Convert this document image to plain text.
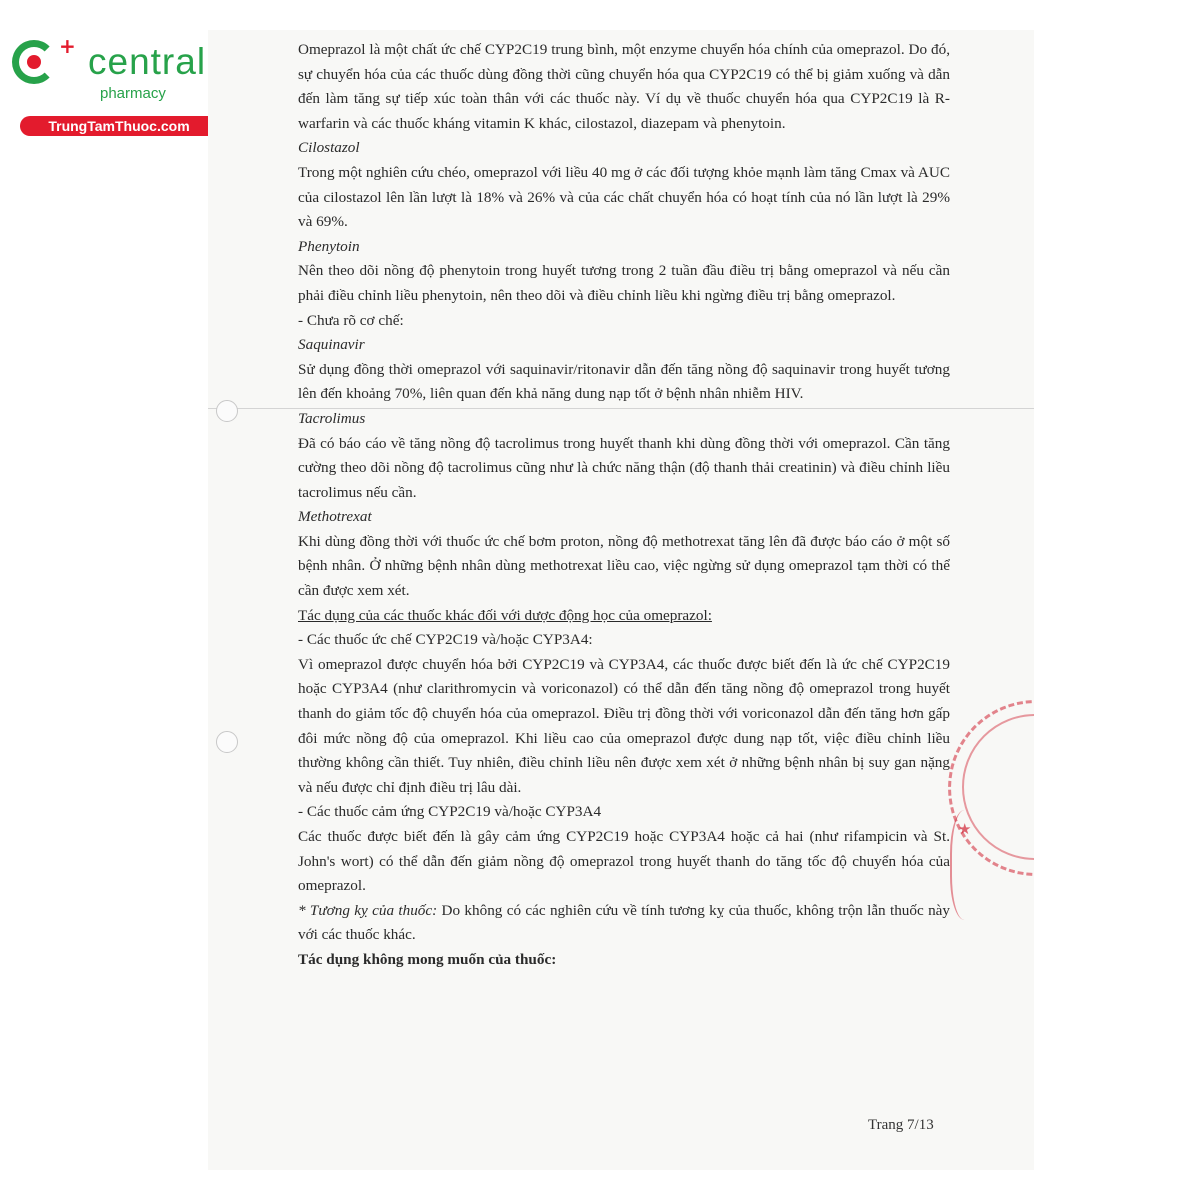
+ central
pharmacy
TrungTamThuoc.com
★

Omeprazol là một chất ức chế CYP2C19 trung bình, một enzyme chuyển hóa chính của omeprazol. Do đó, sự chuyển hóa của các thuốc dùng đồng thời cũng chuyển hóa qua CYP2C19 có thể bị giảm xuống và dẫn đến làm tăng sự tiếp xúc toàn thân với các thuốc này. Ví dụ về thuốc chuyển hóa qua CYP2C19 là R-warfarin và các thuốc kháng vitamin K khác, cilostazol, diazepam và phenytoin.

Cilostazol

Trong một nghiên cứu chéo, omeprazol với liều 40 mg ở các đối tượng khỏe mạnh làm tăng Cmax và AUC của cilostazol lên lần lượt là 18% và 26% và của các chất chuyển hóa có hoạt tính của nó lần lượt là 29% và 69%.

Phenytoin

Nên theo dõi nồng độ phenytoin trong huyết tương trong 2 tuần đầu điều trị bằng omeprazol và nếu cần phải điều chỉnh liều phenytoin, nên theo dõi và điều chỉnh liều khi ngừng điều trị bằng omeprazol.

- Chưa rõ cơ chế:

Saquinavir

Sử dụng đồng thời omeprazol với saquinavir/ritonavir dẫn đến tăng nồng độ saquinavir trong huyết tương lên đến khoảng 70%, liên quan đến khả năng dung nạp tốt ở bệnh nhân nhiễm HIV.

Tacrolimus

Đã có báo cáo về tăng nồng độ tacrolimus trong huyết thanh khi dùng đồng thời với omeprazol. Cần tăng cường theo dõi nồng độ tacrolimus cũng như là chức năng thận (độ thanh thải creatinin) và điều chỉnh liều tacrolimus nếu cần.

Methotrexat

Khi dùng đồng thời với thuốc ức chế bơm proton, nồng độ methotrexat tăng lên đã được báo cáo ở một số bệnh nhân. Ở những bệnh nhân dùng methotrexat liều cao, việc ngừng sử dụng omeprazol tạm thời có thể cần được xem xét.

Tác dụng của các thuốc khác đối với dược động học của omeprazol:

- Các thuốc ức chế CYP2C19 và/hoặc CYP3A4:

Vì omeprazol được chuyển hóa bởi CYP2C19 và CYP3A4, các thuốc được biết đến là ức chế CYP2C19 hoặc CYP3A4 (như clarithromycin và voriconazol) có thể dẫn đến tăng nồng độ omeprazol trong huyết thanh do giảm tốc độ chuyển hóa của omeprazol. Điều trị đồng thời với voriconazol dẫn đến tăng hơn gấp đôi mức nồng độ của omeprazol. Khi liều cao của omeprazol được dung nạp tốt, việc điều chỉnh liều thường không cần thiết. Tuy nhiên, điều chỉnh liều nên được xem xét ở những bệnh nhân bị suy gan nặng và nếu được chỉ định điều trị lâu dài.

- Các thuốc cảm ứng CYP2C19 và/hoặc CYP3A4

Các thuốc được biết đến là gây cảm ứng CYP2C19 hoặc CYP3A4 hoặc cả hai (như rifampicin và St. John's wort) có thể dẫn đến giảm nồng độ omeprazol trong huyết thanh do tăng tốc độ chuyển hóa của omeprazol.

* Tương kỵ của thuốc: Do không có các nghiên cứu về tính tương kỵ của thuốc, không trộn lẫn thuốc này với các thuốc khác.

Tác dụng không mong muốn của thuốc:

Trang 7/13
